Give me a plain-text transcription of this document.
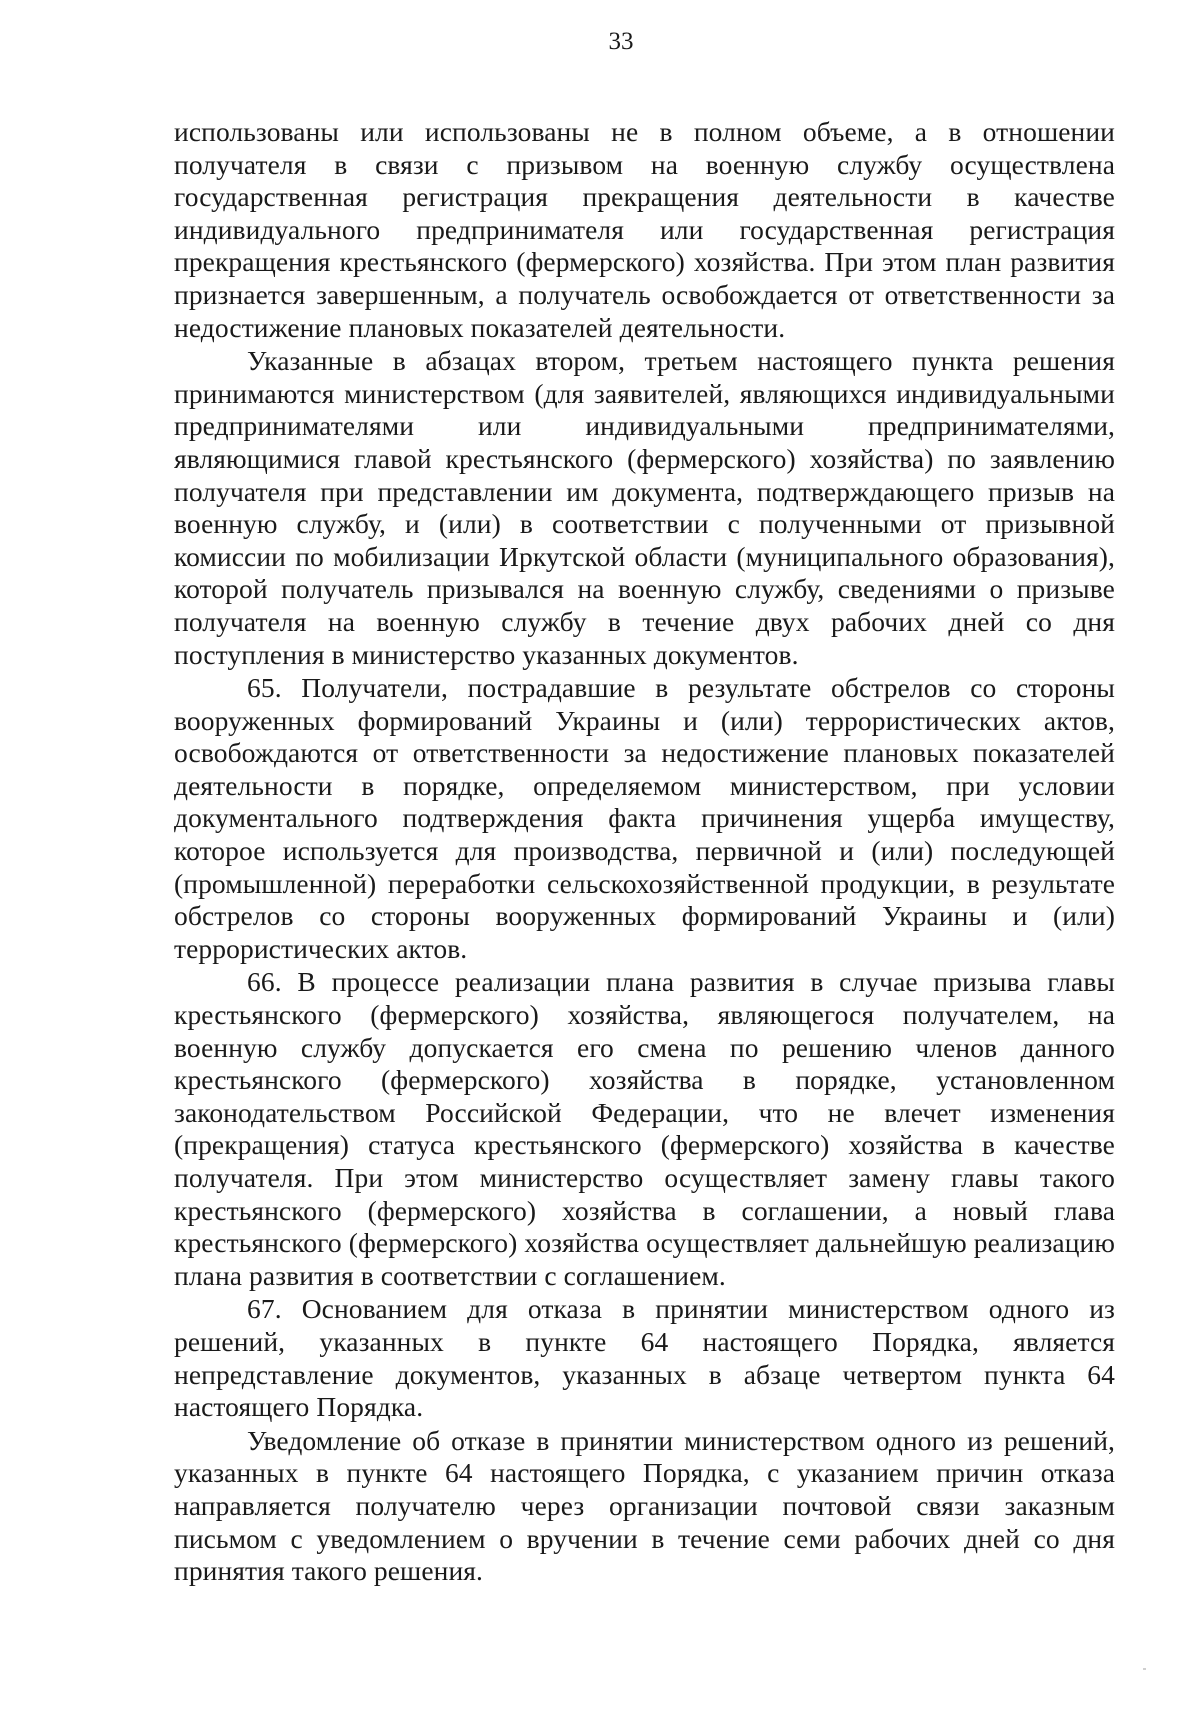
33

использованы или использованы не в полном объеме, а в отношении получателя в связи с призывом на военную службу осуществлена государственная регистрация прекращения деятельности в качестве индивидуального предпринимателя или государственная регистрация прекращения крестьянского (фермерского) хозяйства. При этом план развития признается завершенным, а получатель освобождается от ответственности за недостижение плановых показателей деятельности.

Указанные в абзацах втором, третьем настоящего пункта решения принимаются министерством (для заявителей, являющихся индивидуальными предпринимателями или индивидуальными предпринимателями, являющимися главой крестьянского (фермерского) хозяйства) по заявлению получателя при представлении им документа, подтверждающего призыв на военную службу, и (или) в соответствии с полученными от призывной комиссии по мобилизации Иркутской области (муниципального образования), которой получатель призывался на военную службу, сведениями о призыве получателя на военную службу в течение двух рабочих дней со дня поступления в министерство указанных документов.

65. Получатели, пострадавшие в результате обстрелов со стороны вооруженных формирований Украины и (или) террористических актов, освобождаются от ответственности за недостижение плановых показателей деятельности в порядке, определяемом министерством, при условии документального подтверждения факта причинения ущерба имуществу, которое используется для производства, первичной и (или) последующей (промышленной) переработки сельскохозяйственной продукции, в результате обстрелов со стороны вооруженных формирований Украины и (или) террористических актов.

66. В процессе реализации плана развития в случае призыва главы крестьянского (фермерского) хозяйства, являющегося получателем, на военную службу допускается его смена по решению членов данного крестьянского (фермерского) хозяйства в порядке, установленном законодательством Российской Федерации, что не влечет изменения (прекращения) статуса крестьянского (фермерского) хозяйства в качестве получателя. При этом министерство осуществляет замену главы такого крестьянского (фермерского) хозяйства в соглашении, а новый глава крестьянского (фермерского) хозяйства осуществляет дальнейшую реализацию плана развития в соответствии с соглашением.

67. Основанием для отказа в принятии министерством одного из решений, указанных в пункте 64 настоящего Порядка, является непредставление документов, указанных в абзаце четвертом пункта 64 настоящего Порядка.

Уведомление об отказе в принятии министерством одного из решений, указанных в пункте 64 настоящего Порядка, с указанием причин отказа направляется получателю через организации почтовой связи заказным письмом с уведомлением о вручении в течение семи рабочих дней со дня принятия такого решения.
